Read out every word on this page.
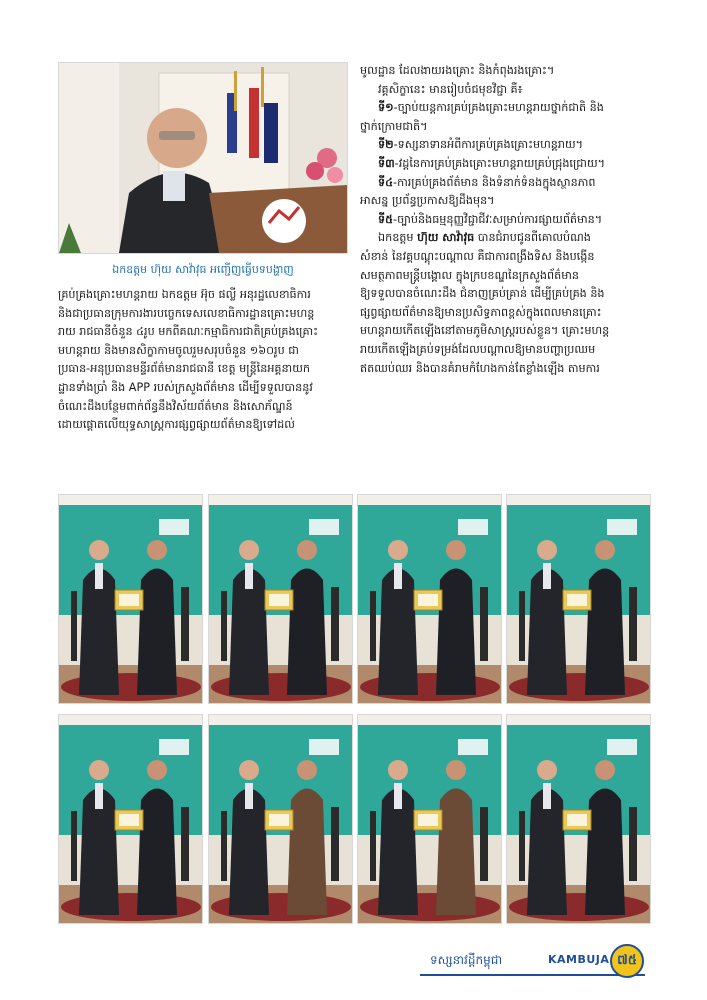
ឯកឧត្តម ហ៊ុយ សាវ៉ាវុធ អញ្ជើញធ្វើបទបង្ហាញ

គ្រប់គ្រងគ្រោះមហន្តរាយ ឯកឧត្តម អ៊ុច ផល្លី អនុរដ្ឋលេខាធិការ

និងជាប្រធានក្រុមការងារបច្ចេកទេសលេខាធិការដ្ឋានគ្រោះមហន្ត

រាយ រាជធានីចំនួន ៤រូប មកពីគណៈកម្មាធិការជាតិគ្រប់គ្រងគ្រោះ

មហន្តរាយ និងមានសិក្ខាកាមចូលរួមសរុបចំនួន ១៦០រូប ជា

ប្រធាន-អនុប្រធានមន្ទីរព័ត៌មានរាជធានី ខេត្ត មន្ត្រីនៃអគ្គនាយក

ដ្ឋានទាំងប្រាំ និង APP របស់ក្រសួងព័ត៌មាន ដើម្បីទទួលបាននូវ

ចំណេះដឹងបន្ថែមពាក់ព័ន្ធនឹងវិស័យព័ត៌មាន និងសោភ័ណ្ឌន៍

ដោយផ្តោតលើយុទ្ធសាស្រ្តការផ្សព្វផ្សាយព័ត៌មានឱ្យទៅដល់

មូលដ្ឋាន ដែលងាយរងគ្រោះ និងកំពុងរងគ្រោះ។

វគ្គសិក្ខានេះ មានរៀបចំជមុខវិជ្ជា គឺ៖

ទី១-ច្បាប់យន្តការគ្រប់គ្រងគ្រោះមហន្តរាយថ្នាក់ជាតិ និង

ថ្នាក់ក្រោមជាតិ។

ទី២-ទស្សនាទានអំពីការគ្រប់គ្រងគ្រោះមហន្តរាយ។

ទី៣-វដ្តនៃការគ្រប់គ្រងគ្រោះមហន្តរាយគ្រប់ជ្រុងជ្រោយ។

ទី៤-ការគ្រប់គ្រងព័ត៌មាន និងទំនាក់ទំនងក្នុងស្ថានភាព

អាសន្ន ប្រព័ន្ធប្រកាសឱ្យដឹងមុន។

ទី៥-ច្បាប់និងធម្មនុញ្ញវិជ្ជាជីវៈសម្រាប់ការផ្សាយព័ត៌មាន។

ឯកឧត្តម ហ៊ុយ សាវ៉ាវុធ បានជំរាបជូនពីគោលបំណង

សំខាន់ នៃវគ្គបណ្តុះបណ្តាល គឺជាការពង្រឹងទិស និងបង្កើន

សមត្ថភាពមន្ត្រីបង្គោល ក្នុងក្របខណ្ឌនៃក្រសួងព័ត៌មាន

ឱ្យទទួលបានចំណេះដឹង ជំនាញគ្រប់គ្រាន់ ដើម្បីគ្រប់គ្រង និង

ផ្សព្វផ្សាយព័ត៌មានឱ្យមានប្រសិទ្ធភាពខ្ពស់ក្នុងពេលមានគ្រោះ

មហន្តរាយកើតឡើងនៅតាមភូមិសាស្ត្ររបស់ខ្លួន។ គ្រោះមហន្ត

រាយកើតឡើងគ្រប់ទម្រង់ដែលបណ្តាលឱ្យមានបញ្ហាប្រឈម

ឥតឈប់ឈរ និងបានគំរាមកំហែងកាន់តែខ្លាំងឡើង តាមការ

ទស្សនាវដ្តីកម្ពុជា	KAMBUJA ៧៥
